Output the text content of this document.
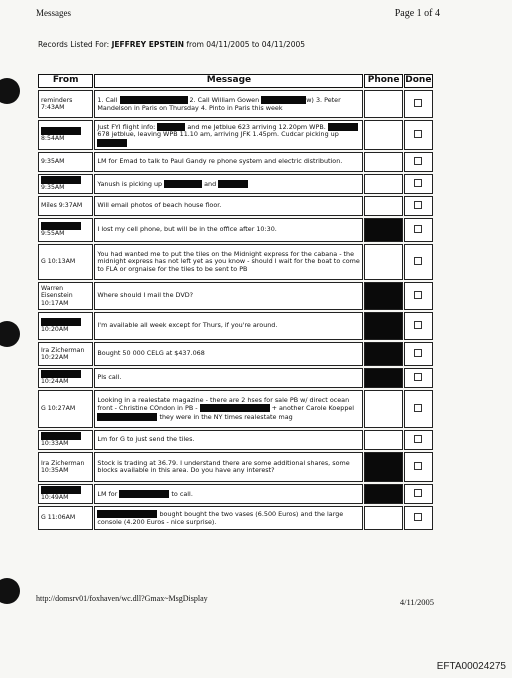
Messages	Page 1 of 4
Records Listed For: JEFFREY EPSTEIN from 04/11/2005 to 04/11/2005
From	Message	Phone	Done
reminders 7:43AM	1. Call 2. Call William Gowen w) 3. Peter Mandelson in Paris on Thursday 4. Pinto in Paris this week		

8:54AM	Just FYI flight info: and me Jetblue 623 arriving 12.20pm WPB.  678 jetblue, leaving WPB 11.10 am, arriving JFK 1.45pm. Cudcar picking up		
9:35AM	LM for Emad to talk to Paul Gandy re phone system and electric distribution.		

9:35AM	Yanush is picking up and		
Miles 9:37AM	Will email photos of beach house floor.		

9:55AM	I lost my cell phone, but will be in the office after 10:30.		
G 10:13AM	You had wanted me to put the tiles on the Midnight express for the cabana - the midnight express has not left yet as you know - should I wait for the boat to come to FLA or orgnaise for the tiles to be sent to PB		
Warren Eisenstein 10:17AM	Where should I mail the DVD?		

10:20AM	I'm available all week except for Thurs, if you're around.		
Ira Zicherman 10:22AM	Bought 50 000 CELG at $437.068		

10:24AM	Pls call.		
G 10:27AM	Looking in a realestate magazine - there are 2 hses for sale PB w/ direct ocean front - Christine COndon in PB - + another Carole Koeppel  they were in the NY times realestate mag		

10:33AM	Lm for G to just send the tiles.		
Ira Zicherman 10:35AM	Stock is trading at 36.79. I understand there are some additional shares, some blocks available in this area. Do you have any interest?		

10:49AM	LM for to call.		
G 11:06AM	bought bought the two vases (6.500 Euros) and the large console (4.200 Euros - nice surprise).		
http://domsrv01/foxhaven/wc.dll?Gmax~MsgDisplay	4/11/2005
EFTA00024275
